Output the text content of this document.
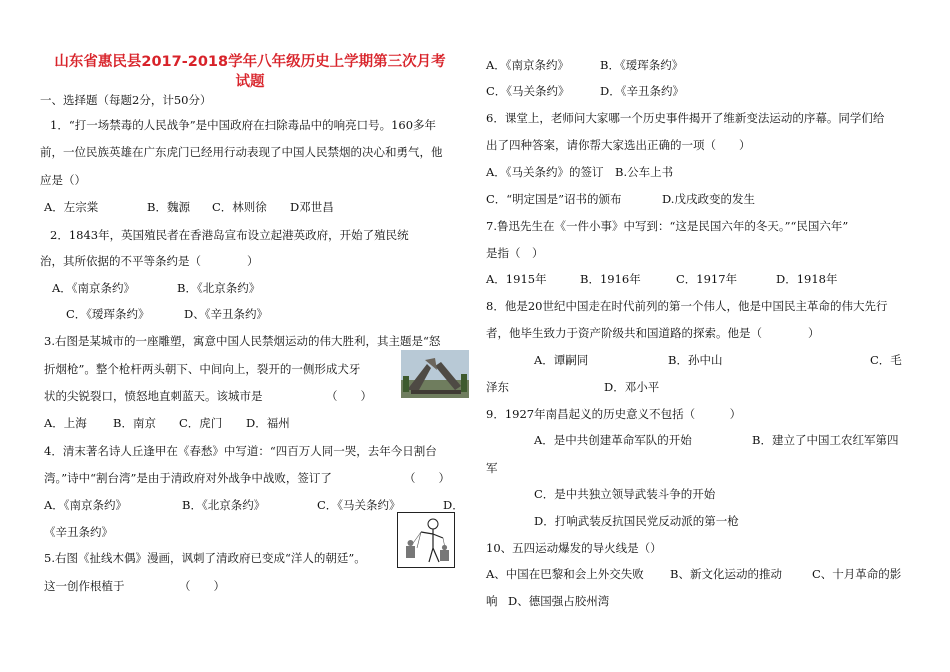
山东省惠民县2017-2018学年八年级历史上学期第三次月考
试题
一、选择题（每题2分，计50分）
1．“打一场禁毒的人民战争”是中国政府在扫除毒品中的响亮口号。160多年
前，一位民族英雄在广东虎门已经用行动表现了中国人民禁烟的决心和勇气，他
应是（）
A．左宗棠	B．魏源 C．林则徐 D邓世昌
2．1843年，英国殖民者在香港岛宣布设立起港英政府，开始了殖民统
治，其所依据的不平等条约是（　　　　）
A．《南京条约》	B．《北京条约》
C．《瑷珲条约》	D、《辛丑条约》
3.右图是某城市的一座雕塑，寓意中国人民禁烟运动的伟大胜利，其主题是“怒
折烟枪”。整个枪杆两头朝下、中间向上，裂开的一侧形成犬牙
状的尖锐裂口，愤怒地直刺蓝天。该城市是	（　　）
A．上海 B．南京 C．虎门 D．福州
4．清末著名诗人丘逢甲在《春愁》中写道：“四百万人同一哭，去年今日割台
湾。”诗中“割台湾”是由于清政府对外战争中战败，签订了	（　　）
A．《南京条约》	B．《北京条约》	C．《马关条约》	D．
《辛丑条约》
5.右图《扯线木偶》漫画，讽刺了清政府已变成“洋人的朝廷”。
这一创作根植于	（　　）
A．《南京条约》	B．《瑷珲条约》
C．《马关条约》	D．《辛丑条约》
6．课堂上，老师问大家哪一个历史事件揭开了维新变法运动的序幕。同学们给
出了四种答案，请你帮大家选出正确的一项（　　）
A．《马关条约》的签订　B.公车上书
C．“明定国是”诏书的颁布	D.戊戌政变的发生
7.鲁迅先生在《一件小事》中写到：“这是民国六年的冬天。”“民国六年”
是指（　）
A．1915年	B．1916年	C．1917年	D．1918年
8．他是20世纪中国走在时代前列的第一个伟人，他是中国民主革命的伟大先行
者，他毕生致力于资产阶级共和国道路的探索。他是（　　　　）
A．谭嗣同	B．孙中山	C．毛
泽东	D．邓小平
9．1927年南昌起义的历史意义不包括（　　　）
A．是中共创建革命军队的开始	B．建立了中国工农红军第四
军
C．是中共独立领导武装斗争的开始
D．打响武装反抗国民党反动派的第一枪
10、五四运动爆发的导火线是（）
A、中国在巴黎和会上外交失败 B、新文化运动的推动	C、十月革命的影
响 D、德国强占胶州湾
